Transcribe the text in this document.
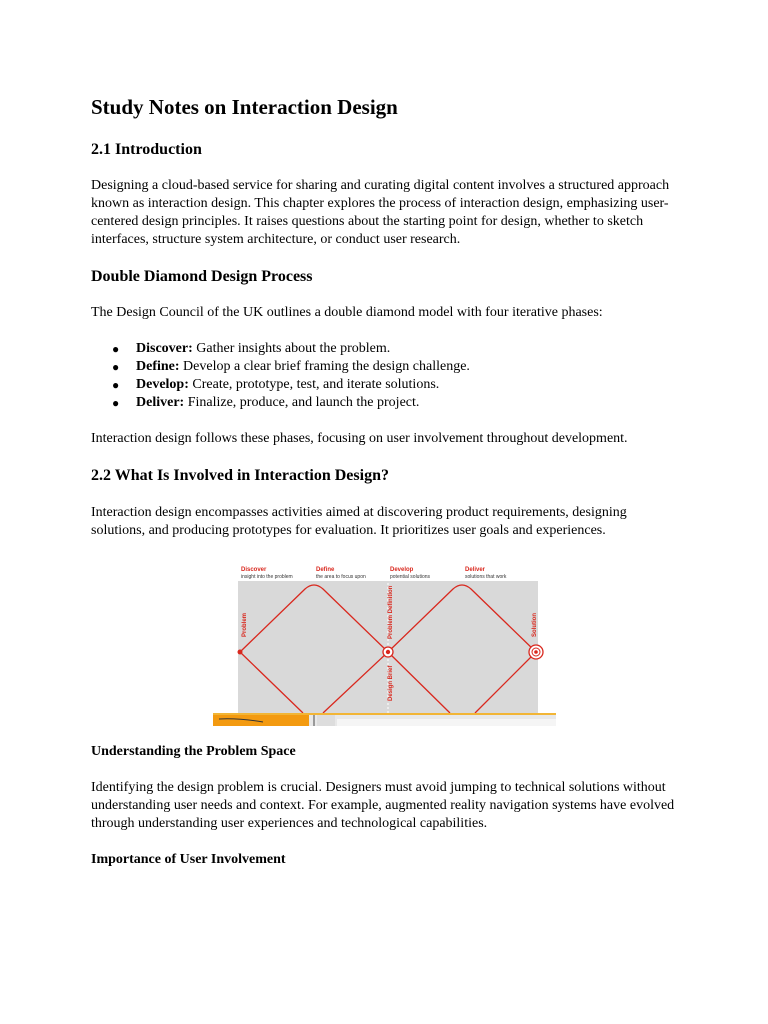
Study Notes on Interaction Design
2.1 Introduction

Designing a cloud-based service for sharing and curating digital content involves a structured approach known as interaction design. This chapter explores the process of interaction design, emphasizing user-centered design principles. It raises questions about the starting point for design, whether to sketch interfaces, structure system architecture, or conduct user research.

Double Diamond Design Process

The Design Council of the UK outlines a double diamond model with four iterative phases:

● Discover: Gather insights about the problem.
● Define: Develop a clear brief framing the design challenge.
● Develop: Create, prototype, test, and iterate solutions.
● Deliver: Finalize, produce, and launch the project.

Interaction design follows these phases, focusing on user involvement throughout development.

2.2 What Is Involved in Interaction Design?

Interaction design encompasses activities aimed at discovering product requirements, designing solutions, and producing prototypes for evaluation. It prioritizes user goals and experiences.

Discover
insight into the problem
Define
the area to focus upon
Develop
potential solutions
Deliver
solutions that work
Problem	Problem Definition
Design Brief
Solution
Understanding the Problem Space

Identifying the design problem is crucial. Designers must avoid jumping to technical solutions without understanding user needs and context. For example, augmented reality navigation systems have evolved through understanding user experiences and technological capabilities.

Importance of User Involvement
